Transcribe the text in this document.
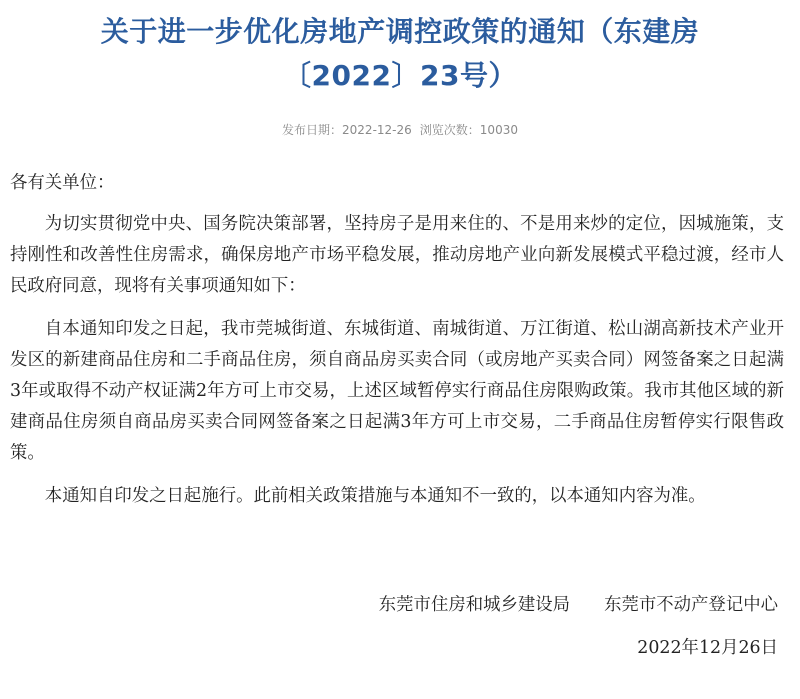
关于进一步优化房地产调控政策的通知（东建房
〔2022〕23号）
发布日期：2022-12-26 浏览次数：10030

各有关单位：

为切实贯彻党中央、国务院决策部署，坚持房子是用来住的、不是用来炒的定位，因城施策，支持刚性和改善性住房需求，确保房地产市场平稳发展，推动房地产业向新发展模式平稳过渡，经市人民政府同意，现将有关事项通知如下：

自本通知印发之日起，我市莞城街道、东城街道、南城街道、万江街道、松山湖高新技术产业开发区的新建商品住房和二手商品住房，须自商品房买卖合同（或房地产买卖合同）网签备案之日起满3年或取得不动产权证满2年方可上市交易，上述区域暂停实行商品住房限购政策。我市其他区域的新建商品住房须自商品房买卖合同网签备案之日起满3年方可上市交易，二手商品住房暂停实行限售政策。

本通知自印发之日起施行。此前相关政策措施与本通知不一致的，以本通知内容为准。

东莞市住房和城乡建设局 东莞市不动产登记中心
2022年12月26日
